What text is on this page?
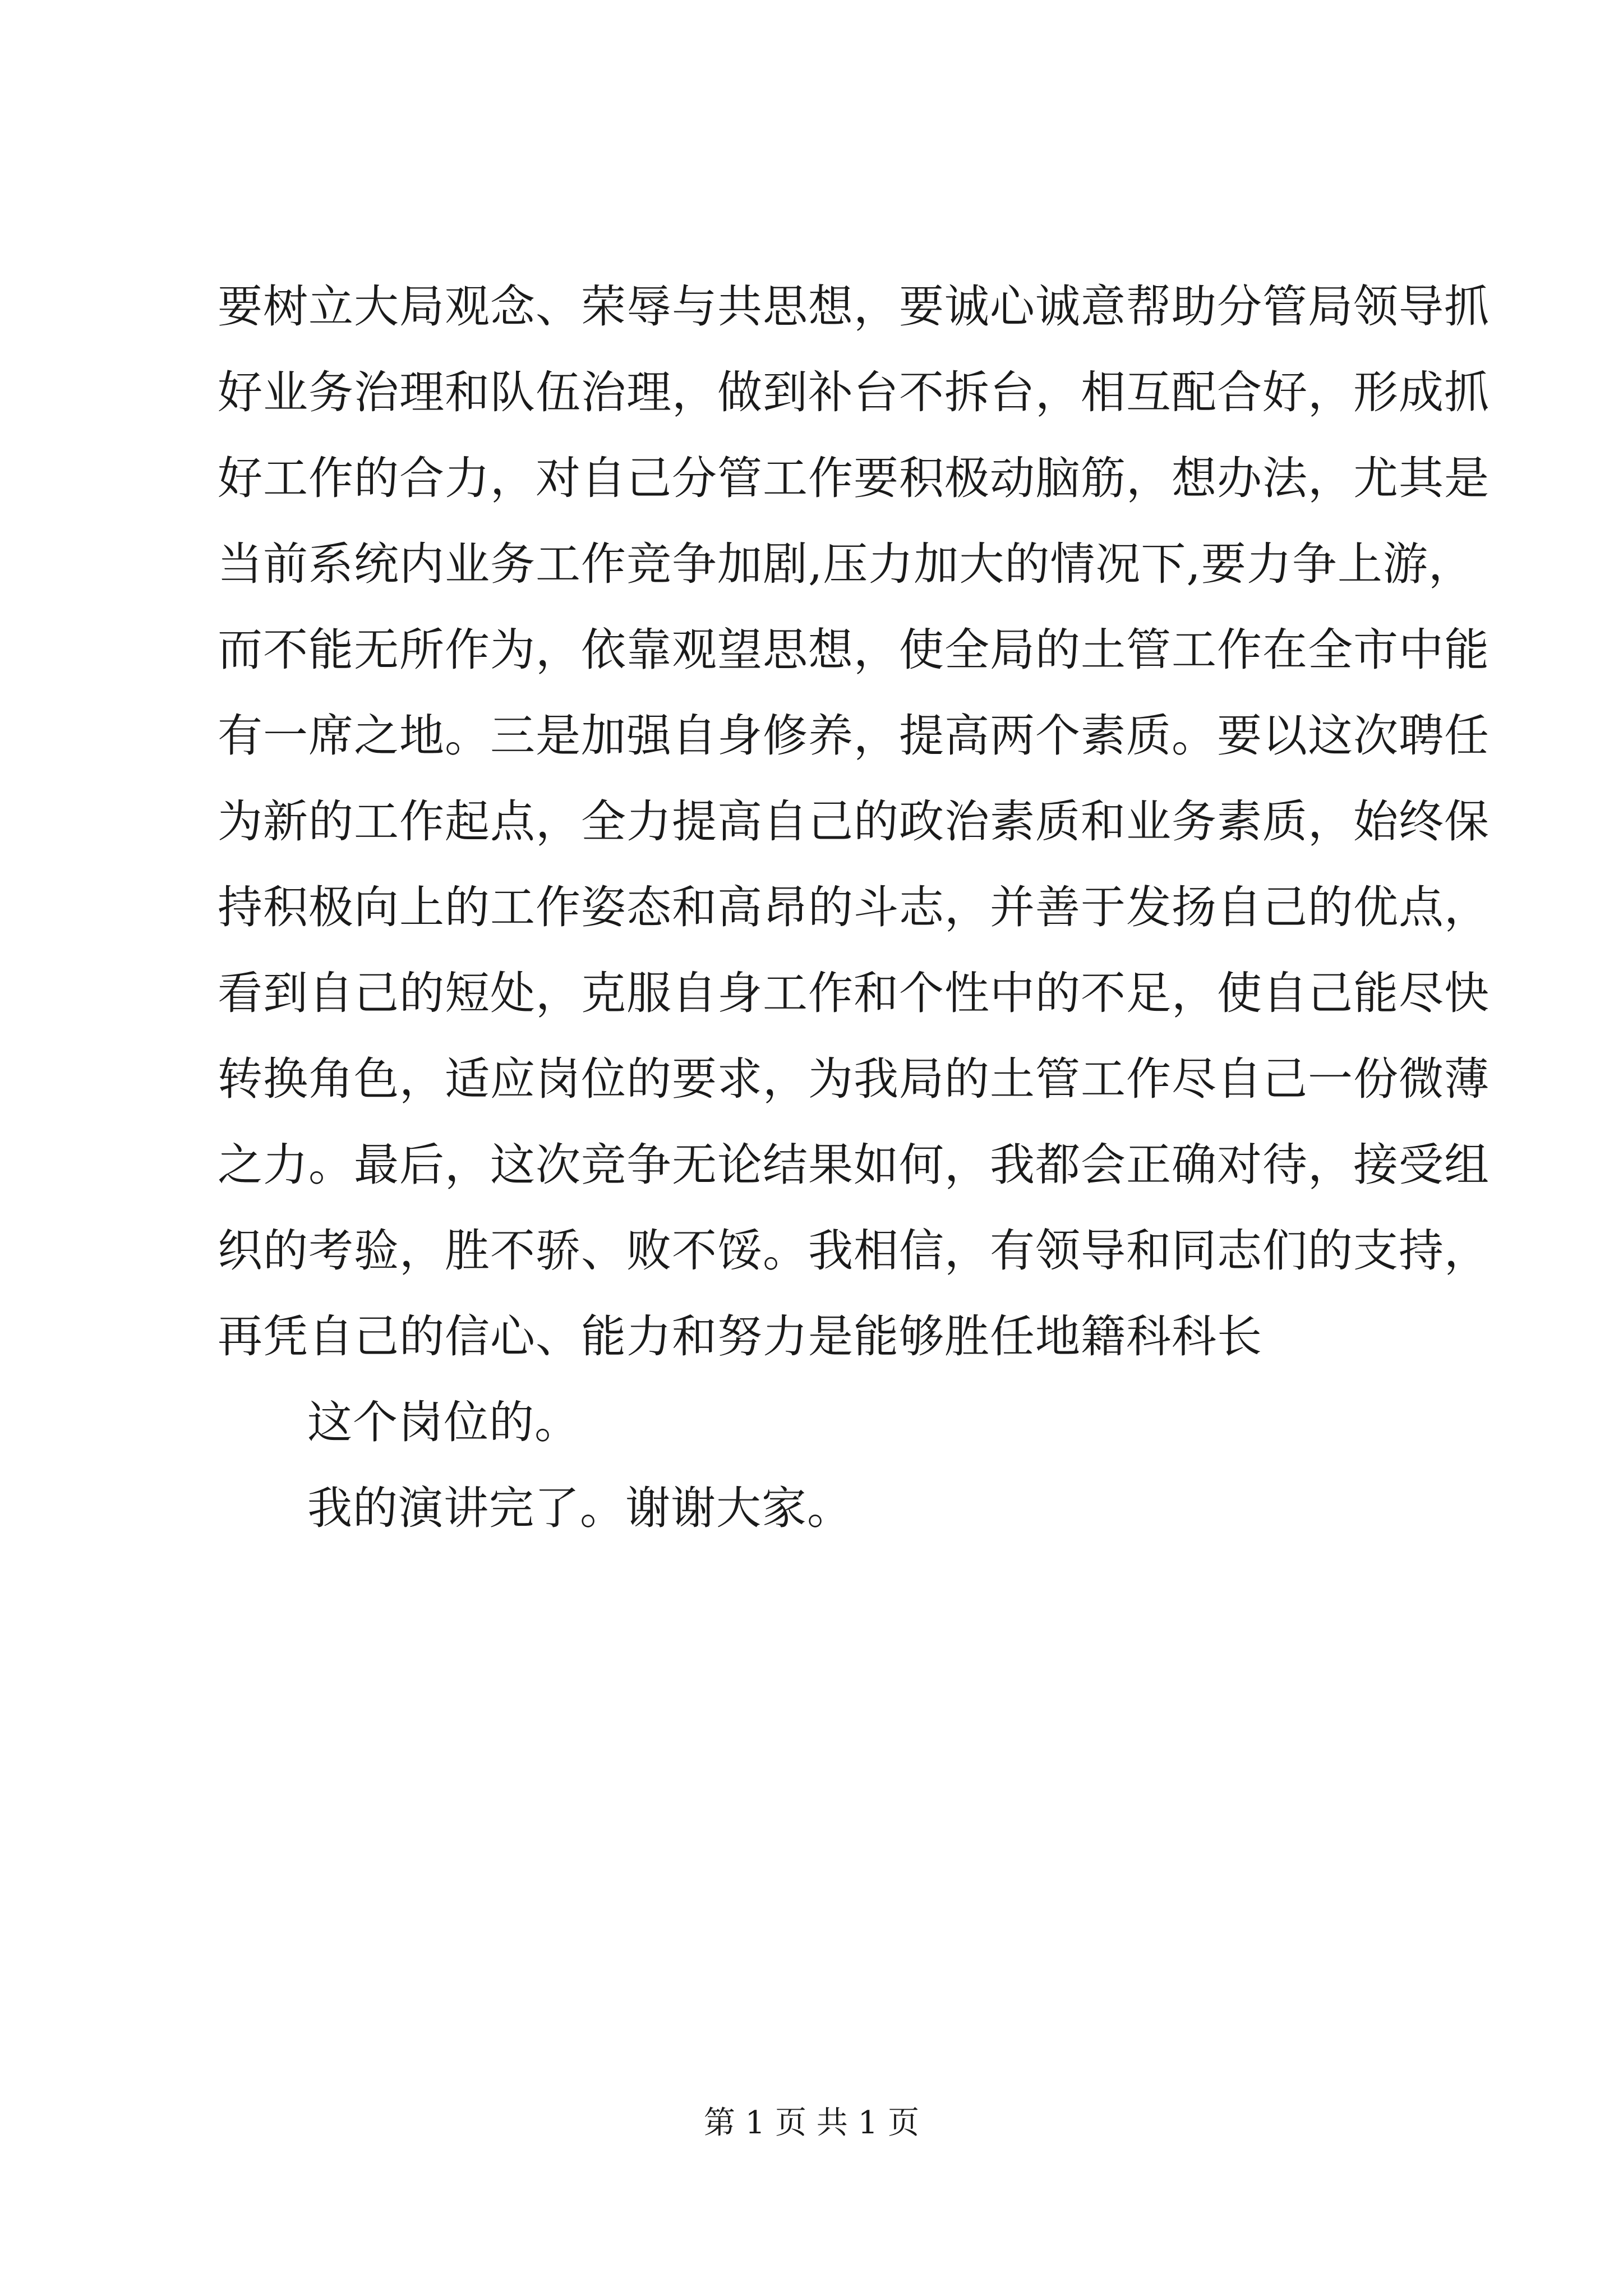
要树立大局观念、荣辱与共思想，要诚心诚意帮助分管局领导抓
好业务治理和队伍治理，做到补台不拆台，相互配合好，形成抓
好工作的合力，对自己分管工作要积极动脑筋，想办法，尤其是
当前系统内业务工作竞争加剧,压力加大的情况下,要力争上游，
而不能无所作为，依靠观望思想，使全局的土管工作在全市中能
有一席之地。三是加强自身修养，提高两个素质。要以这次聘任
为新的工作起点，全力提高自己的政治素质和业务素质，始终保
持积极向上的工作姿态和高昂的斗志，并善于发扬自己的优点，
看到自己的短处，克服自身工作和个性中的不足，使自己能尽快
转换角色，适应岗位的要求，为我局的土管工作尽自己一份微薄
之力。最后，这次竞争无论结果如何，我都会正确对待，接受组
织的考验，胜不骄、败不馁。我相信，有领导和同志们的支持，
再凭自己的信心、能力和努力是能够胜任地籍科科长
这个岗位的。
我的演讲完了。谢谢大家。
第 1 页 共 1 页
